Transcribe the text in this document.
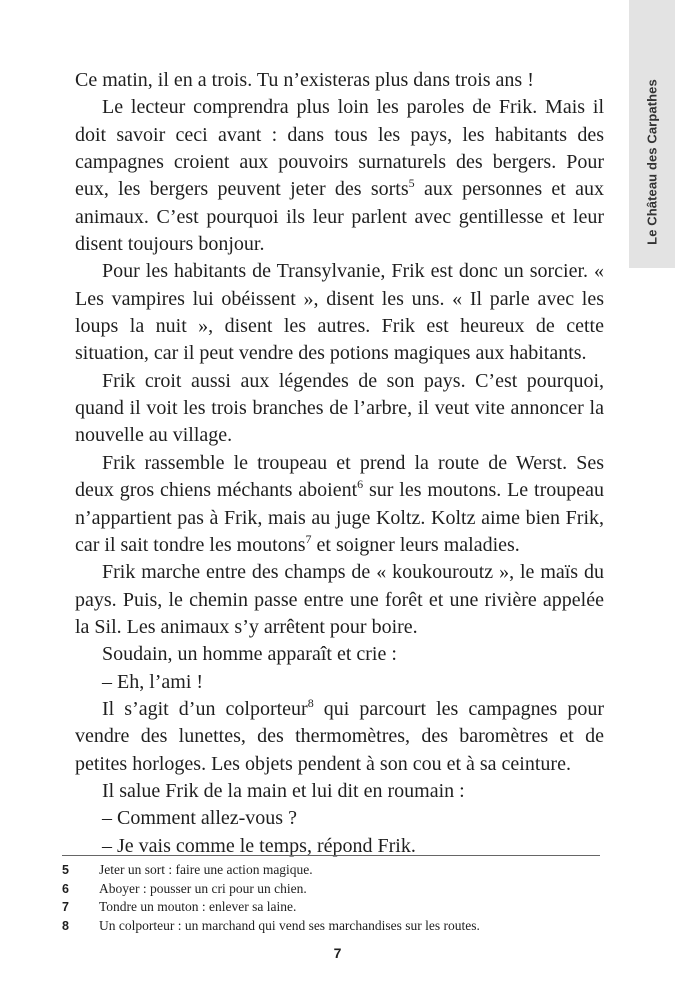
Le Château des Carpathes

Ce matin, il en a trois. Tu n’existeras plus dans trois ans !

Le lecteur comprendra plus loin les paroles de Frik. Mais il doit savoir ceci avant : dans tous les pays, les habitants des campagnes croient aux pouvoirs surnaturels des bergers. Pour eux, les bergers peuvent jeter des sorts$^5$ aux personnes et aux animaux. C’est pourquoi ils leur parlent avec gentillesse et leur disent toujours bonjour.

Pour les habitants de Transylvanie, Frik est donc un sorcier. « Les vampires lui obéissent », disent les uns. « Il parle avec les loups la nuit », disent les autres. Frik est heureux de cette situation, car il peut vendre des potions magiques aux habitants.

Frik croit aussi aux légendes de son pays. C’est pourquoi, quand il voit les trois branches de l’arbre, il veut vite annoncer la nouvelle au village.

Frik rassemble le troupeau et prend la route de Werst. Ses deux gros chiens méchants aboient$^6$ sur les moutons. Le troupeau n’appartient pas à Frik, mais au juge Koltz. Koltz aime bien Frik, car il sait tondre les moutons$^7$ et soigner leurs maladies.

Frik marche entre des champs de « koukouroutz », le maïs du pays. Puis, le chemin passe entre une forêt et une rivière appelée la Sil. Les animaux s’y arrêtent pour boire.

Soudain, un homme apparaît et crie :

– Eh, l’ami !

Il s’agit d’un colporteur$^8$ qui parcourt les campagnes pour vendre des lunettes, des thermomètres, des baromètres et de petites horloges. Les objets pendent à son cou et à sa ceinture.

Il salue Frik de la main et lui dit en roumain :

– Comment allez-vous ?

– Je vais comme le temps, répond Frik.

5	Jeter un sort : faire une action magique.
6	Aboyer : pousser un cri pour un chien.
7	Tondre un mouton : enlever sa laine.
8	Un colporteur : un marchand qui vend ses marchandises sur les routes.
7
